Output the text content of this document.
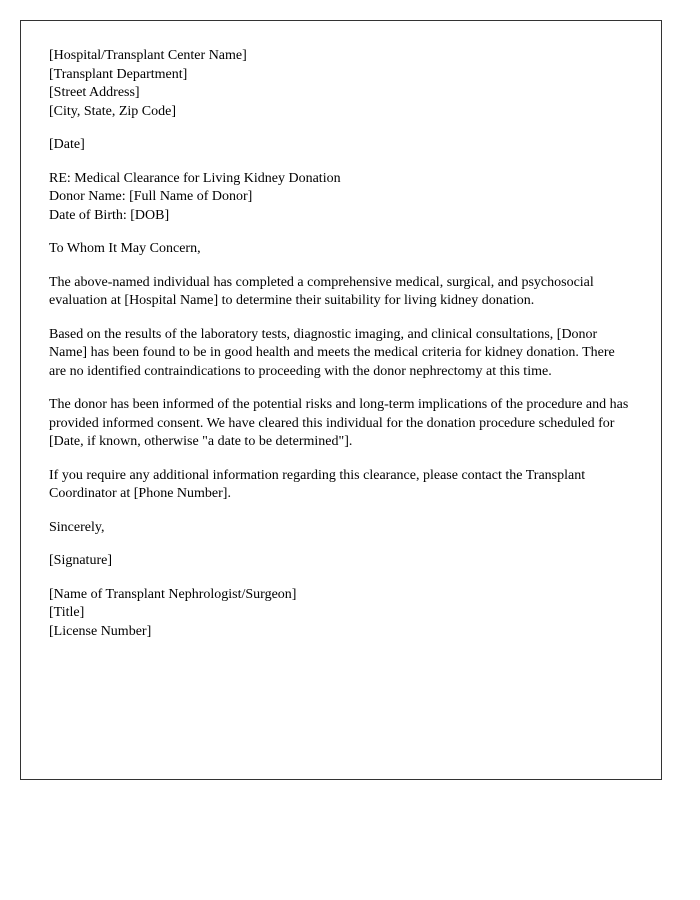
[Hospital/Transplant Center Name]
[Transplant Department]
[Street Address]
[City, State, Zip Code]
[Date]
RE: Medical Clearance for Living Kidney Donation
Donor Name: [Full Name of Donor]
Date of Birth: [DOB]
To Whom It May Concern,

The above-named individual has completed a comprehensive medical, surgical, and psychosocial evaluation at [Hospital Name] to determine their suitability for living kidney donation.

Based on the results of the laboratory tests, diagnostic imaging, and clinical consultations, [Donor Name] has been found to be in good health and meets the medical criteria for kidney donation. There are no identified contraindications to proceeding with the donor nephrectomy at this time.

The donor has been informed of the potential risks and long-term implications of the procedure and has provided informed consent. We have cleared this individual for the donation procedure scheduled for [Date, if known, otherwise "a date to be determined"].

If you require any additional information regarding this clearance, please contact the Transplant Coordinator at [Phone Number].

Sincerely,
[Signature]
[Name of Transplant Nephrologist/Surgeon]
[Title]
[License Number]
